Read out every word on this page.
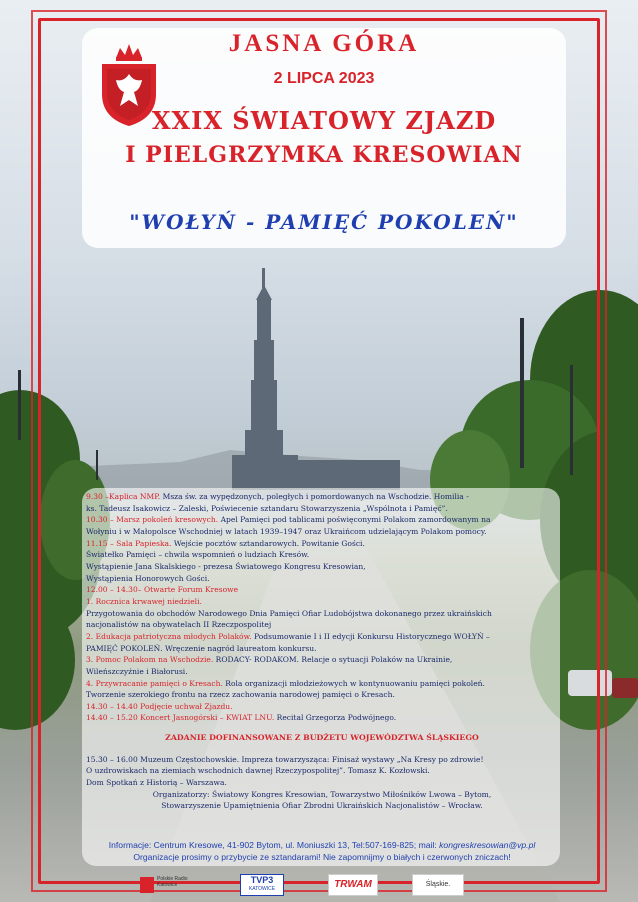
JASNA GÓRA
2 LIPCA 2023
XXIX ŚWIATOWY ZJAZD
I PIELGRZYMKA KRESOWIAN
"WOŁYŃ - PAMIĘĆ POKOLEŃ"
9.30 –Kaplica NMP. Msza św. za wypędzonych, poległych i pomordowanych na Wschodzie. Homilia -
ks. Tadeusz Isakowicz – Zaleski, Poświecenie sztandaru Stowarzyszenia „Wspólnota i Pamięć”.
10.30 – Marsz pokoleń kresowych. Apel Pamięci pod tablicami poświęconymi Polakom zamordowanym na
Wołyniu i w Małopolsce Wschodniej w latach 1939–1947 oraz Ukraińcom udzielającym Polakom pomocy.
11.15 – Sala Papieska. Wejście pocztów sztandarowych. Powitanie Gości.
Światełko Pamięci – chwila wspomnień o ludziach Kresów.
Wystąpienie Jana Skalskiego - prezesa Światowego Kongresu Kresowian,
Wystąpienia Honorowych Gości.
12.00 – 14.30– Otwarte Forum Kresowe
1. Rocznica krwawej niedzieli.
Przygotowania do obchodów Narodowego Dnia Pamięci Ofiar Ludobójstwa dokonanego przez ukraińskich
nacjonalistów na obywatelach II Rzeczpospolitej
2. Edukacja patriotyczna młodych Polaków. Podsumowanie I i II edycji Konkursu Historycznego WOŁYŃ –
PAMIĘĆ POKOLEŃ. Wręczenie nagród laureatom konkursu.
3. Pomoc Polakom na Wschodzie. RODACY- RODAKOM. Relacje o sytuacji Polaków na Ukrainie,
Wileńszczyźnie i Białorusi.
4. Przywracanie pamięci o Kresach. Rola organizacji młodzieżowych w kontynuowaniu pamięci pokoleń.
Tworzenie szerokiego frontu na rzecz zachowania narodowej pamięci o Kresach.
14.30 – 14.40 Podjęcie uchwał Zjazdu.
14.40 – 15.20 Koncert Jasnogórski – KWIAT LNU. Recital Grzegorza Podwójnego.
ZADANIE DOFINANSOWANE Z BUDŻETU WOJEWÓDZTWA ŚLĄSKIEGO
15.30 – 16.00 Muzeum Częstochowskie. Impreza towarzysząca: Finisaż wystawy „Na Kresy po zdrowie!
O uzdrowiskach na ziemiach wschodnich dawnej Rzeczypospolitej”. Tomasz K. Kozłowski.
Dom Spotkań z Historią – Warszawa.
Organizatorzy: Światowy Kongres Kresowian, Towarzystwo Miłośników Lwowa – Bytom,
Stowarzyszenie Upamiętnienia Ofiar Zbrodni Ukraińskich Nacjonalistów – Wrocław.
Informacje: Centrum Kresowe, 41-902 Bytom, ul. Moniuszki 13, Tel:507-169-825; mail: kongreskresowian@vp.pl
Organizacje prosimy o przybycie ze sztandarami! Nie zapomnijmy o białych i czerwonych zniczach!
Polskie Radio Katowice	TVP3
KATOWICE	TRWAM	Śląskie.
